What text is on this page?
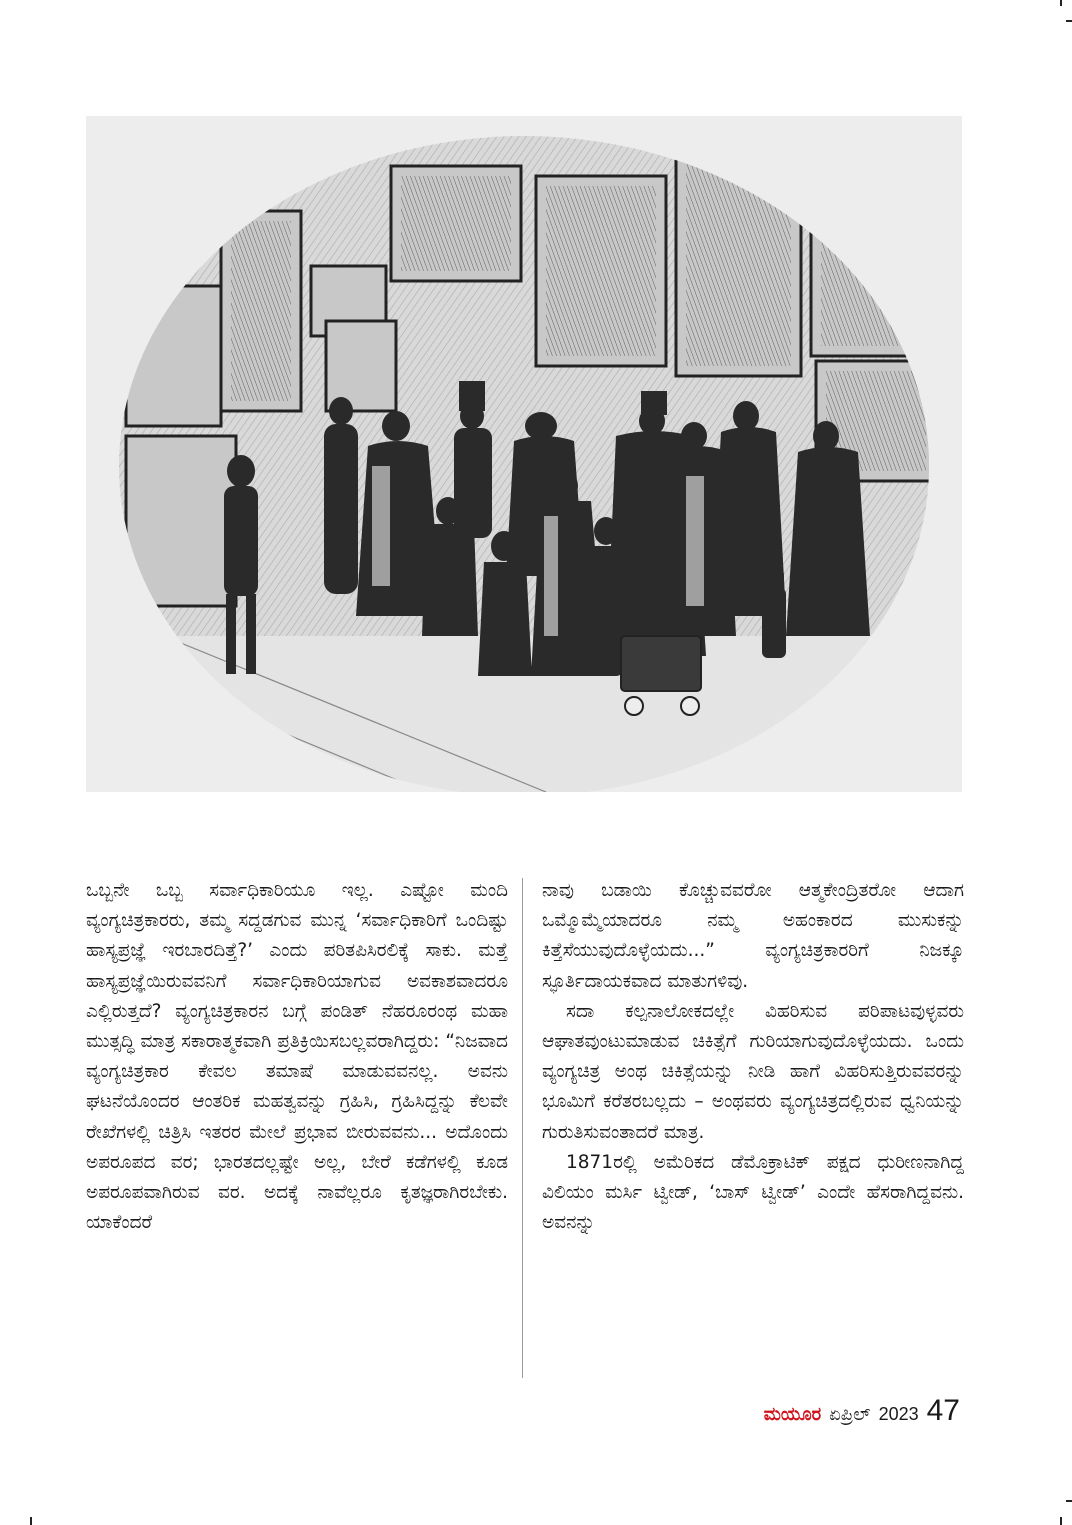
ಒಬ್ಬನೇ ಒಬ್ಬ ಸರ್ವಾಧಿಕಾರಿಯೂ ಇಲ್ಲ. ಎಷ್ಟೋ ಮಂದಿ ವ್ಯಂಗ್ಯಚಿತ್ರಕಾರರು, ತಮ್ಮ ಸದ್ದಡಗುವ ಮುನ್ನ ‘ಸರ್ವಾಧಿಕಾರಿಗೆ ಒಂದಿಷ್ಟು ಹಾಸ್ಯಪ್ರಜ್ಞೆ ಇರಬಾರದಿತ್ತೆ?’ ಎಂದು ಪರಿತಪಿಸಿರಲಿಕ್ಕೆ ಸಾಕು. ಮತ್ತೆ ಹಾಸ್ಯಪ್ರಜ್ಞೆಯಿರುವವನಿಗೆ ಸರ್ವಾಧಿಕಾರಿಯಾಗುವ ಅವಕಾಶವಾದರೂ ಎಲ್ಲಿರುತ್ತದೆ? ವ್ಯಂಗ್ಯಚಿತ್ರಕಾರನ ಬಗ್ಗೆ ಪಂಡಿತ್ ನೆಹರೂರಂಥ ಮಹಾ ಮುತ್ಸದ್ಧಿ ಮಾತ್ರ ಸಕಾರಾತ್ಮಕವಾಗಿ ಪ್ರತಿಕ್ರಿಯಿಸಬಲ್ಲವರಾಗಿದ್ದರು: “ನಿಜವಾದ ವ್ಯಂಗ್ಯಚಿತ್ರಕಾರ ಕೇವಲ ತಮಾಷೆ ಮಾಡುವವನಲ್ಲ. ಅವನು ಘಟನೆಯೊಂದರ ಆಂತರಿಕ ಮಹತ್ವವನ್ನು ಗ್ರಹಿಸಿ, ಗ್ರಹಿಸಿದ್ದನ್ನು ಕೆಲವೇ ರೇಖೆಗಳಲ್ಲಿ ಚಿತ್ರಿಸಿ ಇತರರ ಮೇಲೆ ಪ್ರಭಾವ ಬೀರುವವನು... ಅದೊಂದು ಅಪರೂಪದ ವರ; ಭಾರತದಲ್ಲಷ್ಟೇ ಅಲ್ಲ, ಬೇರೆ ಕಡೆಗಳಲ್ಲಿ ಕೂಡ ಅಪರೂಪವಾಗಿರುವ ವರ. ಅದಕ್ಕೆ ನಾವೆಲ್ಲರೂ ಕೃತಜ್ಞರಾಗಿರಬೇಕು. ಯಾಕೆಂದರೆ

ನಾವು ಬಡಾಯಿ ಕೊಚ್ಚುವವರೋ ಆತ್ಮಕೇಂದ್ರಿತರೋ ಆದಾಗ ಒಮ್ಮೊಮ್ಮೆಯಾದರೂ ನಮ್ಮ ಅಹಂಕಾರದ ಮುಸುಕನ್ನು ಕಿತ್ತೆಸೆಯುವುದೊಳ್ಳೆಯದು...” ವ್ಯಂಗ್ಯಚಿತ್ರಕಾರರಿಗೆ ನಿಜಕ್ಕೂ ಸ್ಫೂರ್ತಿದಾಯಕವಾದ ಮಾತುಗಳಿವು.

ಸದಾ ಕಲ್ಪನಾಲೋಕದಲ್ಲೇ ವಿಹರಿಸುವ ಪರಿಪಾಟವುಳ್ಳವರು ಆಘಾತವುಂಟುಮಾಡುವ ಚಿಕಿತ್ಸೆಗೆ ಗುರಿಯಾಗುವುದೊಳ್ಳೆಯದು. ಒಂದು ವ್ಯಂಗ್ಯಚಿತ್ರ ಅಂಥ ಚಿಕಿತ್ಸೆಯನ್ನು ನೀಡಿ ಹಾಗೆ ವಿಹರಿಸುತ್ತಿರುವವರನ್ನು ಭೂಮಿಗೆ ಕರೆತರಬಲ್ಲದು – ಅಂಥವರು ವ್ಯಂಗ್ಯಚಿತ್ರದಲ್ಲಿರುವ ಧ್ವನಿಯನ್ನು ಗುರುತಿಸುವಂತಾದರೆ ಮಾತ್ರ.

1871ರಲ್ಲಿ ಅಮೆರಿಕದ ಡೆಮೊಕ್ರಾಟಿಕ್ ಪಕ್ಷದ ಧುರೀಣನಾಗಿದ್ದ ವಿಲಿಯಂ ಮರ್ಸಿ ಟ್ವೀಡ್, ‘ಬಾಸ್ ಟ್ವೀಡ್’ ಎಂದೇ ಹೆಸರಾಗಿದ್ದವನು. ಅವನನ್ನು

ಮಯೂರ ಏಪ್ರಿಲ್ 2023 47
